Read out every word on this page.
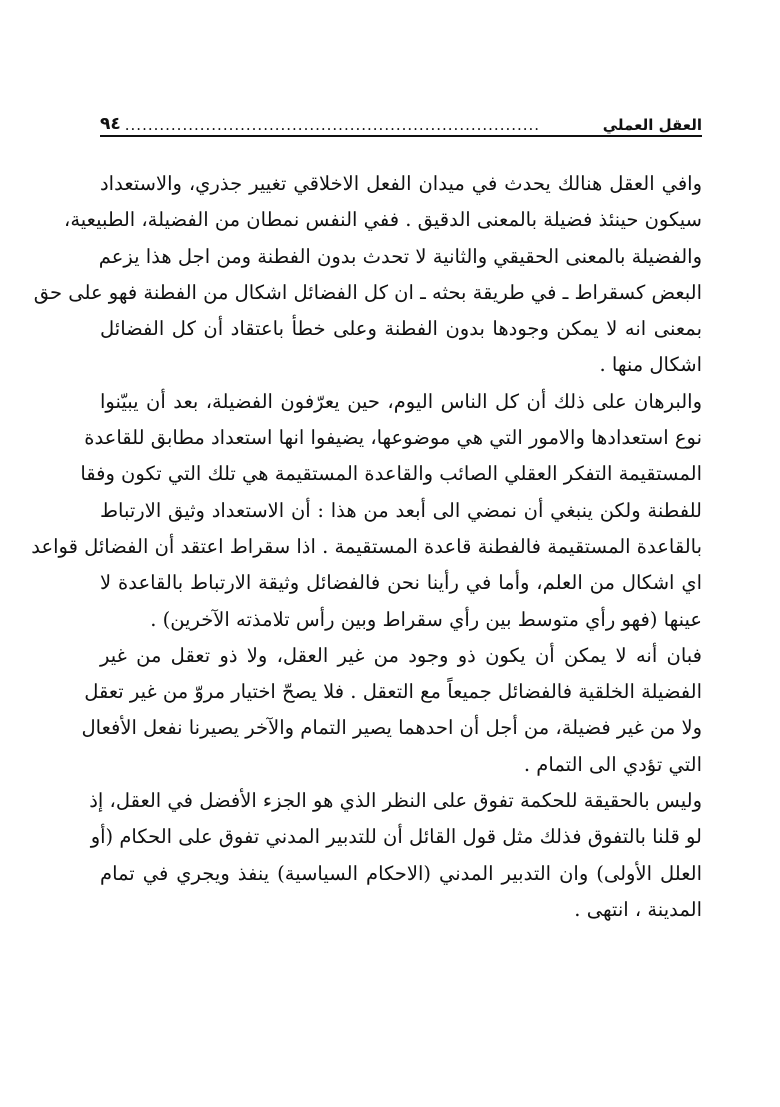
٩٤ ........................................................................	العقل العملي
وافي العقل هنالك يحدث في ميدان الفعل الاخلاقي تغيير جذري، والاستعداد
سيكون حينئذ فضيلة بالمعنى الدقيق . ففي النفس نمطان من الفضيلة، الطبيعية،
والفضيلة بالمعنى الحقيقي والثانية لا تحدث بدون الفطنة ومن اجل هذا يزعم
البعض كسقراط ـ في طريقة بحثه ـ ان كل الفضائل اشكال من الفطنة فهو على حق
بمعنى انه لا يمكن وجودها بدون الفطنة وعلى خطأ باعتقاد أن كل الفضائل
اشكال منها .
والبرهان على ذلك أن كل الناس اليوم، حين يعرّفون الفضيلة، بعد أن يبيّنوا
نوع استعدادها والامور التي هي موضوعها، يضيفوا انها استعداد مطابق للقاعدة
المستقيمة التفكر العقلي الصائب والقاعدة المستقيمة هي تلك التي تكون وفقا
للفطنة ولكن ينبغي أن نمضي الى أبعد من هذا : أن الاستعداد وثيق الارتباط
بالقاعدة المستقيمة فالفطنة قاعدة المستقيمة . اذا سقراط اعتقد أن الفضائل قواعد
اي اشكال من العلم، وأما في رأينا نحن فالفضائل وثيقة الارتباط بالقاعدة لا
عينها (فهو رأي متوسط بين رأي سقراط وبين رأس تلامذته الآخرين) .
فبان أنه لا يمكن أن يكون ذو وجود من غير العقل، ولا ذو تعقل من غير
الفضيلة الخلقية فالفضائل جميعاً مع التعقل . فلا يصحّ اختيار مروّ من غير تعقل
ولا من غير فضيلة، من أجل أن احدهما يصير التمام والآخر يصيرنا نفعل الأفعال
التي تؤدي الى التمام .
وليس بالحقيقة للحكمة تفوق على النظر الذي هو الجزء الأفضل في العقل، إذ
لو قلنا بالتفوق فذلك مثل قول القائل أن للتدبير المدني تفوق على الحكام (أو
العلل الأولى) وان التدبير المدني (الاحكام السياسية) ينفذ ويجري في تمام
المدينة ، انتهى .
